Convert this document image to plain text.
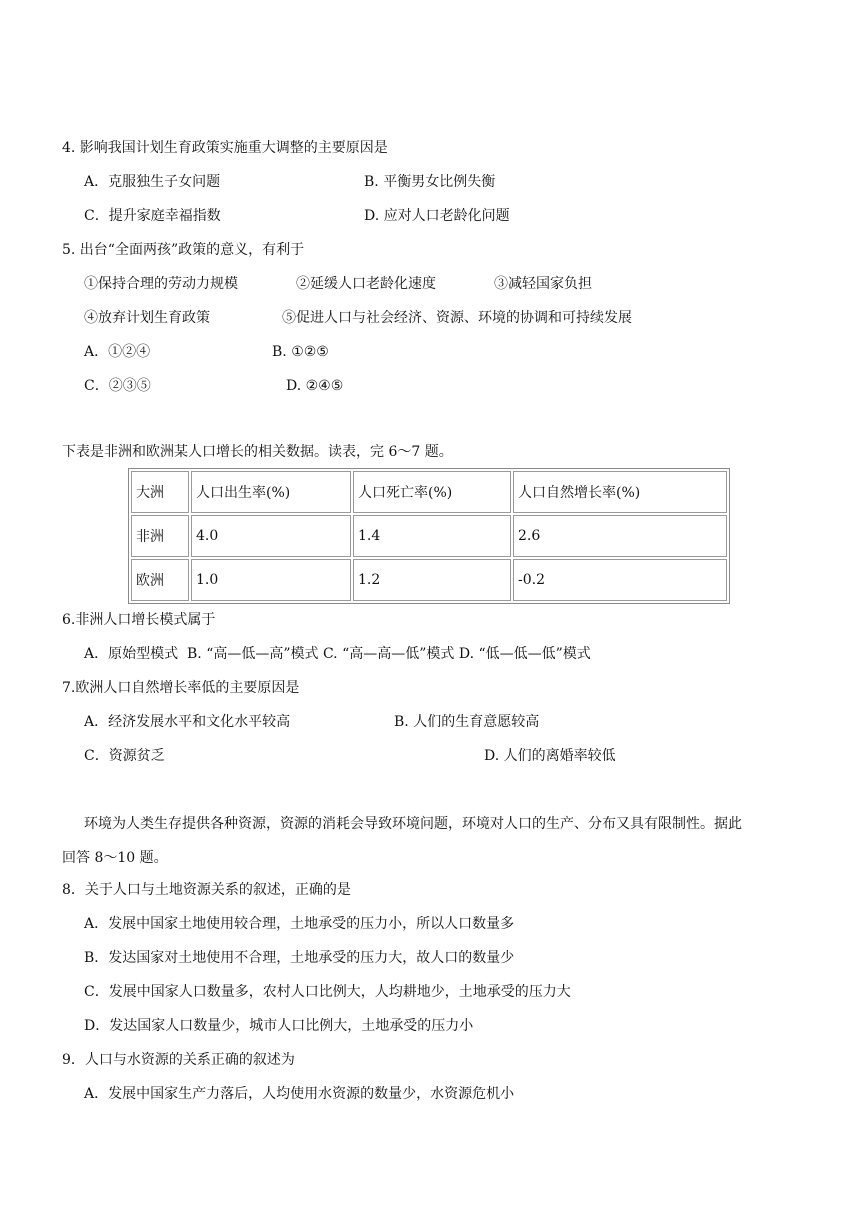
4. 影响我国计划生育政策实施重大调整的主要原因是
A．克服独生子女问题	B. 平衡男女比例失衡
C．提升家庭幸福指数	D. 应对人口老龄化问题
5. 出台“全面两孩”政策的意义，有利于
①保持合理的劳动力规模	②延缓人口老龄化速度	③减轻国家负担
④放弃计划生育政策	⑤促进人口与社会经济、资源、环境的协调和可持续发展
A．①②④	B. ①②⑤
C．②③⑤	D. ②④⑤
下表是非洲和欧洲某人口增长的相关数据。读表，完 6～7 题。
大洲	人口出生率(%)	人口死亡率(%)	人口自然增长率(%)
非洲	4.0	1.4	2.6
欧洲	1.0	1.2	-0.2
6.非洲人口增长模式属于
A．原始型模式  B. “高—低—高”模式 C. “高—高—低”模式 D. “低—低—低”模式
7.欧洲人口自然增长率低的主要原因是
A．经济发展水平和文化水平较高	B. 人们的生育意愿较高
C．资源贫乏	D. 人们的离婚率较低
环境为人类生存提供各种资源，资源的消耗会导致环境问题，环境对人口的生产、分布又具有限制性。据此
回答 8～10 题。
8．关于人口与土地资源关系的叙述，正确的是
A．发展中国家土地使用较合理，土地承受的压力小，所以人口数量多
B．发达国家对土地使用不合理，土地承受的压力大，故人口的数量少
C．发展中国家人口数量多，农村人口比例大，人均耕地少，土地承受的压力大
D．发达国家人口数量少，城市人口比例大，土地承受的压力小
9．人口与水资源的关系正确的叙述为
A．发展中国家生产力落后，人均使用水资源的数量少，水资源危机小
